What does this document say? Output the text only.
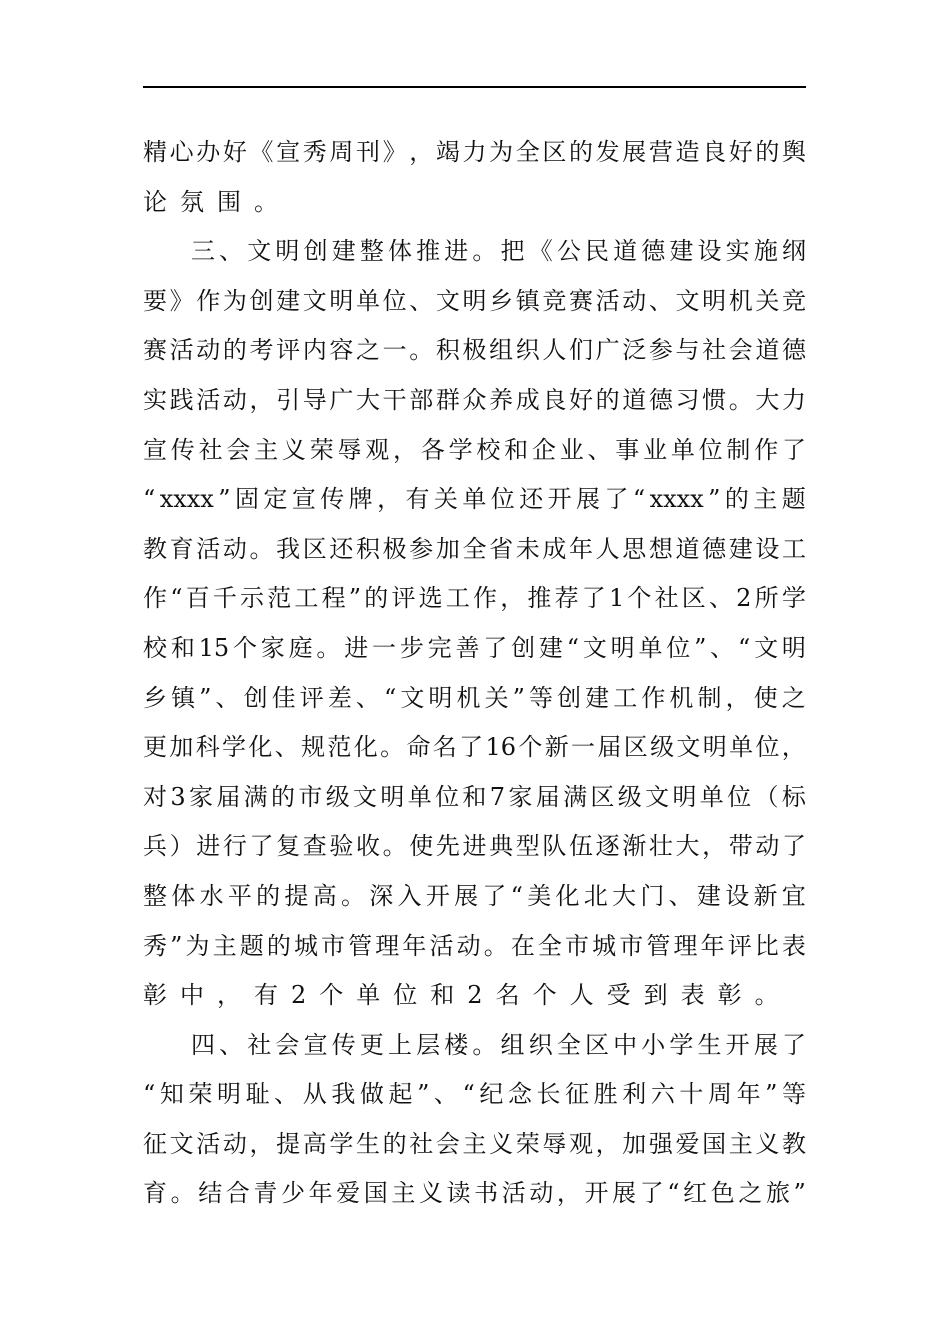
精 心 办 好 《 宣 秀 周 刊 》 ， 竭 力 为 全 区 的 发 展 营 造 良 好 的 舆
论 氛 围 。
三 、 文 明 创 建 整 体 推 进 。 把 《 公 民 道 德 建 设 实 施 纲
要 》 作 为 创 建 文 明 单 位 、 文 明 乡 镇 竞 赛 活 动 、 文 明 机 关 竞
赛 活 动 的 考 评 内 容 之 一 。 积 极 组 织 人 们 广 泛 参 与 社 会 道 德
实 践 活 动 ， 引 导 广 大 干 部 群 众 养 成 良 好 的 道 德 习 惯 。 大 力
宣 传 社 会 主 义 荣 辱 观 ， 各 学 校 和 企 业 、 事 业 单 位 制 作 了
“ xxxx ” 固 定 宣 传 牌 ， 有 关 单 位 还 开 展 了 “ xxxx ” 的 主 题
教 育 活 动 。 我 区 还 积 极 参 加 全 省 未 成 年 人 思 想 道 德 建 设 工
作 “ 百 千 示 范 工 程 ” 的 评 选 工 作 ， 推 荐 了 1 个 社 区 、 2 所 学
校 和 15 个 家 庭 。 进 一 步 完 善 了 创 建 “ 文 明 单 位 ” 、 “ 文 明
乡 镇 ” 、 创 佳 评 差 、 “ 文 明 机 关 ” 等 创 建 工 作 机 制 ， 使 之
更 加 科 学 化 、 规 范 化 。 命 名 了 16 个 新 一 届 区 级 文 明 单 位 ，
对 3 家 届 满 的 市 级 文 明 单 位 和 7 家 届 满 区 级 文 明 单 位 （ 标
兵 ） 进 行 了 复 查 验 收 。 使 先 进 典 型 队 伍 逐 渐 壮 大 ， 带 动 了
整 体 水 平 的 提 高 。 深 入 开 展 了 “ 美 化 北 大 门 、 建 设 新 宜
秀 ” 为 主 题 的 城 市 管 理 年 活 动 。 在 全 市 城 市 管 理 年 评 比 表
彰 中 ， 有 2 个 单 位 和 2 名 个 人 受 到 表 彰 。
四 、 社 会 宣 传 更 上 层 楼 。 组 织 全 区 中 小 学 生 开 展 了
“ 知 荣 明 耻 、 从 我 做 起 ” 、 “ 纪 念 长 征 胜 利 六 十 周 年 ” 等
征 文 活 动 ， 提 高 学 生 的 社 会 主 义 荣 辱 观 ， 加 强 爱 国 主 义 教
育 。 结 合 青 少 年 爱 国 主 义 读 书 活 动 ， 开 展 了 “ 红 色 之 旅 ”
